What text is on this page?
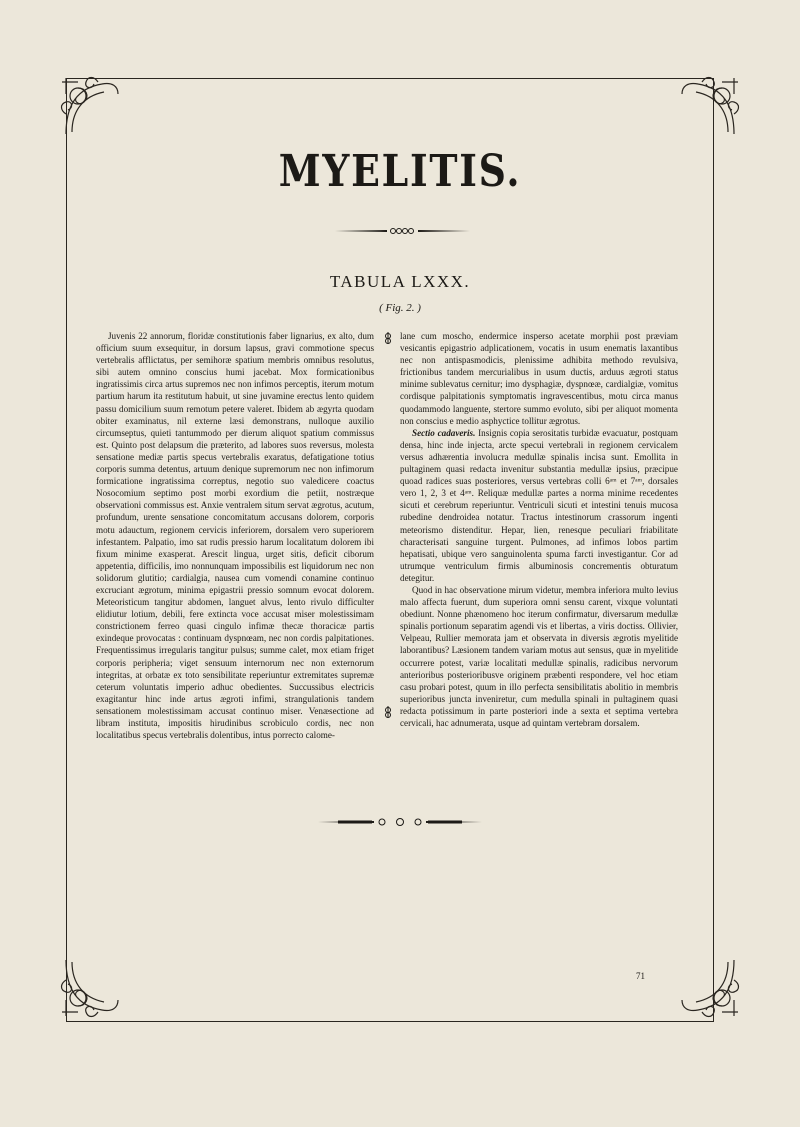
MYELITIS.
TABULA LXXX.
( Fig. 2. )

Juvenis 22 annorum, floridæ constitutionis faber lignarius, ex alto, dum officium suum exsequitur, in dorsum lapsus, gravi commotione specus vertebralis afflictatus, per semihoræ spatium membris omnibus resolutus, sibi autem omnino conscius humi jacebat. Mox formicationibus ingratissimis circa artus supremos nec non infimos perceptis, iterum motum partium harum ita restitutum habuit, ut sine juvamine erectus lento quidem passu domicilium suum remotum petere valeret. Ibidem ab ægyrta quodam obiter examinatus, nil externe læsi demonstrans, nulloque auxilio circumseptus, quieti tantummodo per dierum aliquot spatium commissus est. Quinto post delapsum die præterito, ad labores suos reversus, molesta sensatione mediæ partis specus vertebralis exaratus, defatigatione totius corporis summa detentus, artuum denique supremorum nec non infimorum formicatione ingratissima correptus, negotio suo valedicere coactus Nosocomium septimo post morbi exordium die petiit, nostræque observationi commissus est. Anxie ventralem situm servat ægrotus, acutum, profundum, urente sensatione concomitatum accusans dolorem, corporis motu adauctum, regionem cervicis inferiorem, dorsalem vero superiorem infestantem. Palpatio, imo sat rudis pressio harum localitatum dolorem ibi fixum minime exasperat. Arescit lingua, urget sitis, deficit ciborum appetentia, difficilis, imo nonnunquam impossibilis est liquidorum nec non solidorum glutitio; cardialgia, nausea cum vomendi conamine continuo excruciant ægrotum, minima epigastrii pressio somnum evocat dolorem. Meteoristicum tangitur abdomen, languet alvus, lento rivulo difficulter elidiutur lotium, debili, fere extincta voce accusat miser molestissimam constrictionem ferreo quasi cingulo infimæ thecæ thoracicæ partis exindeque provocatas : continuam dyspnœam, nec non cordis palpitationes. Frequentissimus irregularis tangitur pulsus; summe calet, mox etiam friget corporis peripheria; viget sensuum internorum nec non externorum integritas, at orbatæ ex toto sensibilitate reperiuntur extremitates supremæ ceterum voluntatis imperio adhuc obedientes. Succussibus electricis exagitantur hinc inde artus ægroti infimi, strangulationis tandem sensationem molestissimam accusat continuo miser. Venæsectione ad libram instituta, impositis hirudinibus scrobiculo cordis, nec non localitatibus specus vertebralis dolentibus, intus porrecto calome-

lane cum moscho, endermice insperso acetate morphii post præviam vesicantis epigastrio adplicationem, vocatis in usum enematis laxantibus nec non antispasmodicis, plenissime adhibita methodo revulsiva, frictionibus tandem mercurialibus in usum ductis, arduus ægroti status minime sublevatus cernitur; imo dysphagiæ, dyspnœæ, cardialgiæ, vomitus cordisque palpitationis symptomatis ingravescentibus, motu circa manus quodammodo languente, stertore summo evoluto, sibi per aliquot momenta non conscius e medio asphyctice tollitur ægrotus.

Sectio cadaveris. Insignis copia serositatis turbidæ evacuatur, postquam densa, hinc inde injecta, arcte specui vertebrali in regionem cervicalem versus adhærentia involucra medullæ spinalis incisa sunt. Emollita in pultaginem quasi redacta invenitur substantia medullæ ipsius, præcipue quoad radices suas posteriores, versus vertebras colli 6ᵃᵐ et 7ᵃᵐ, dorsales vero 1, 2, 3 et 4ᵃᵐ. Reliquæ medullæ partes a norma minime recedentes sicuti et cerebrum reperiuntur. Ventriculi sicuti et intestini tenuis mucosa rubedine dendroidea notatur. Tractus intestinorum crassorum ingenti meteorismo distenditur. Hepar, lien, renesque peculiari friabilitate characterisati sanguine turgent. Pulmones, ad infimos lobos partim hepatisati, ubique vero sanguinolenta spuma farcti investigantur. Cor ad utrumque ventriculum firmis albuminosis concrementis obturatum detegitur.

Quod in hac observatione mirum videtur, membra inferiora multo levius malo affecta fuerunt, dum superiora omni sensu carent, vixque voluntati obediunt. Nonne phænomeno hoc iterum confirmatur, diversarum medullæ spinalis portionum separatim agendi vis et libertas, a viris doctiss. Ollivier, Velpeau, Rullier memorata jam et observata in diversis ægrotis myelitide laborantibus? Læsionem tandem variam motus aut sensus, quæ in myelitide occurrere potest, variæ localitati medullæ spinalis, radicibus nervorum anterioribus posterioribusve originem præbenti respondere, vel hoc etiam casu probari potest, quum in illo perfecta sensibilitatis abolitio in membris superioribus juncta inveniretur, cum medulla spinali in pultaginem quasi redacta potissimum in parte posteriori inde a sexta et septima vertebra cervicali, hac adnumerata, usque ad quintam vertebram dorsalem.

71
